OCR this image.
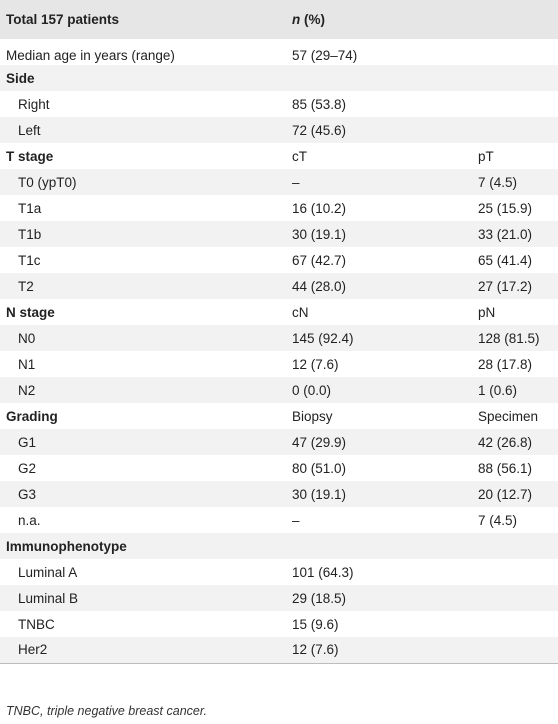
Total 157 patients	n (%)	
Median age in years (range)	57 (29–74)	
Side		
Right	85 (53.8)	
Left	72 (45.6)	
T stage	cT	pT
T0 (ypT0)	–	7 (4.5)
T1a	16 (10.2)	25 (15.9)
T1b	30 (19.1)	33 (21.0)
T1c	67 (42.7)	65 (41.4)
T2	44 (28.0)	27 (17.2)
N stage	cN	pN
N0	145 (92.4)	128 (81.5)
N1	12 (7.6)	28 (17.8)
N2	0 (0.0)	1 (0.6)
Grading	Biopsy	Specimen
G1	47 (29.9)	42 (26.8)
G2	80 (51.0)	88 (56.1)
G3	30 (19.1)	20 (12.7)
n.a.	–	7 (4.5)
Immunophenotype		
Luminal A	101 (64.3)	
Luminal B	29 (18.5)	
TNBC	15 (9.6)	
Her2	12 (7.6)	
TNBC, triple negative breast cancer.
